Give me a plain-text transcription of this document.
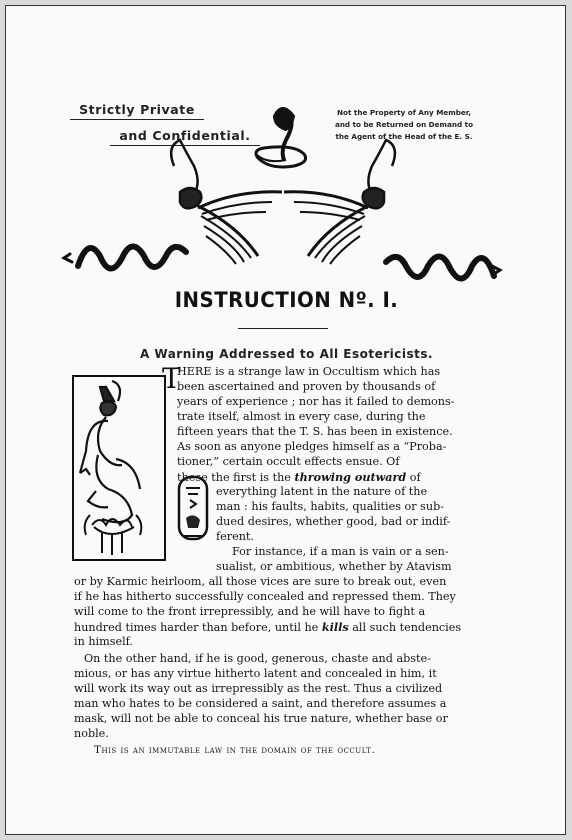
Strictly Private
and Confidential.
Not the Property of Any Member,
and to be Returned on Demand to
the Agent of the Head of the E. S.
INSTRUCTION Nº. I.
A Warning Addressed to All Esotericists.
T
HERE is a strange law in Occultism which has
been ascertained and proven by thousands of
years of experience ; nor has it failed to demons-
trate itself, almost in every case, during the
fifteen years that the T. S. has been in existence.
As soon as anyone pledges himself as a “Proba-
tioner,” certain occult effects ensue. Of
these the first is the throwing outward of
everything latent in the nature of the
man : his faults, habits, qualities or sub-
dued desires, whether good, bad or indif-
ferent.
For instance, if a man is vain or a sen-
sualist, or ambitious, whether by Atavism
or by Karmic heirloom, all those vices are sure to break out, even
if he has hitherto successfully concealed and repressed them. They
will come to the front irrepressibly, and he will have to fight a
hundred times harder than before, until he kills all such tendencies
in himself.
On the other hand, if he is good, generous, chaste and abste-
mious, or has any virtue hitherto latent and concealed in him, it
will work its way out as irrepressibly as the rest. Thus a civilized
man who hates to be considered a saint, and therefore assumes a
mask, will not be able to conceal his true nature, whether base or
noble.
This is an immutable law in the domain of the occult.
